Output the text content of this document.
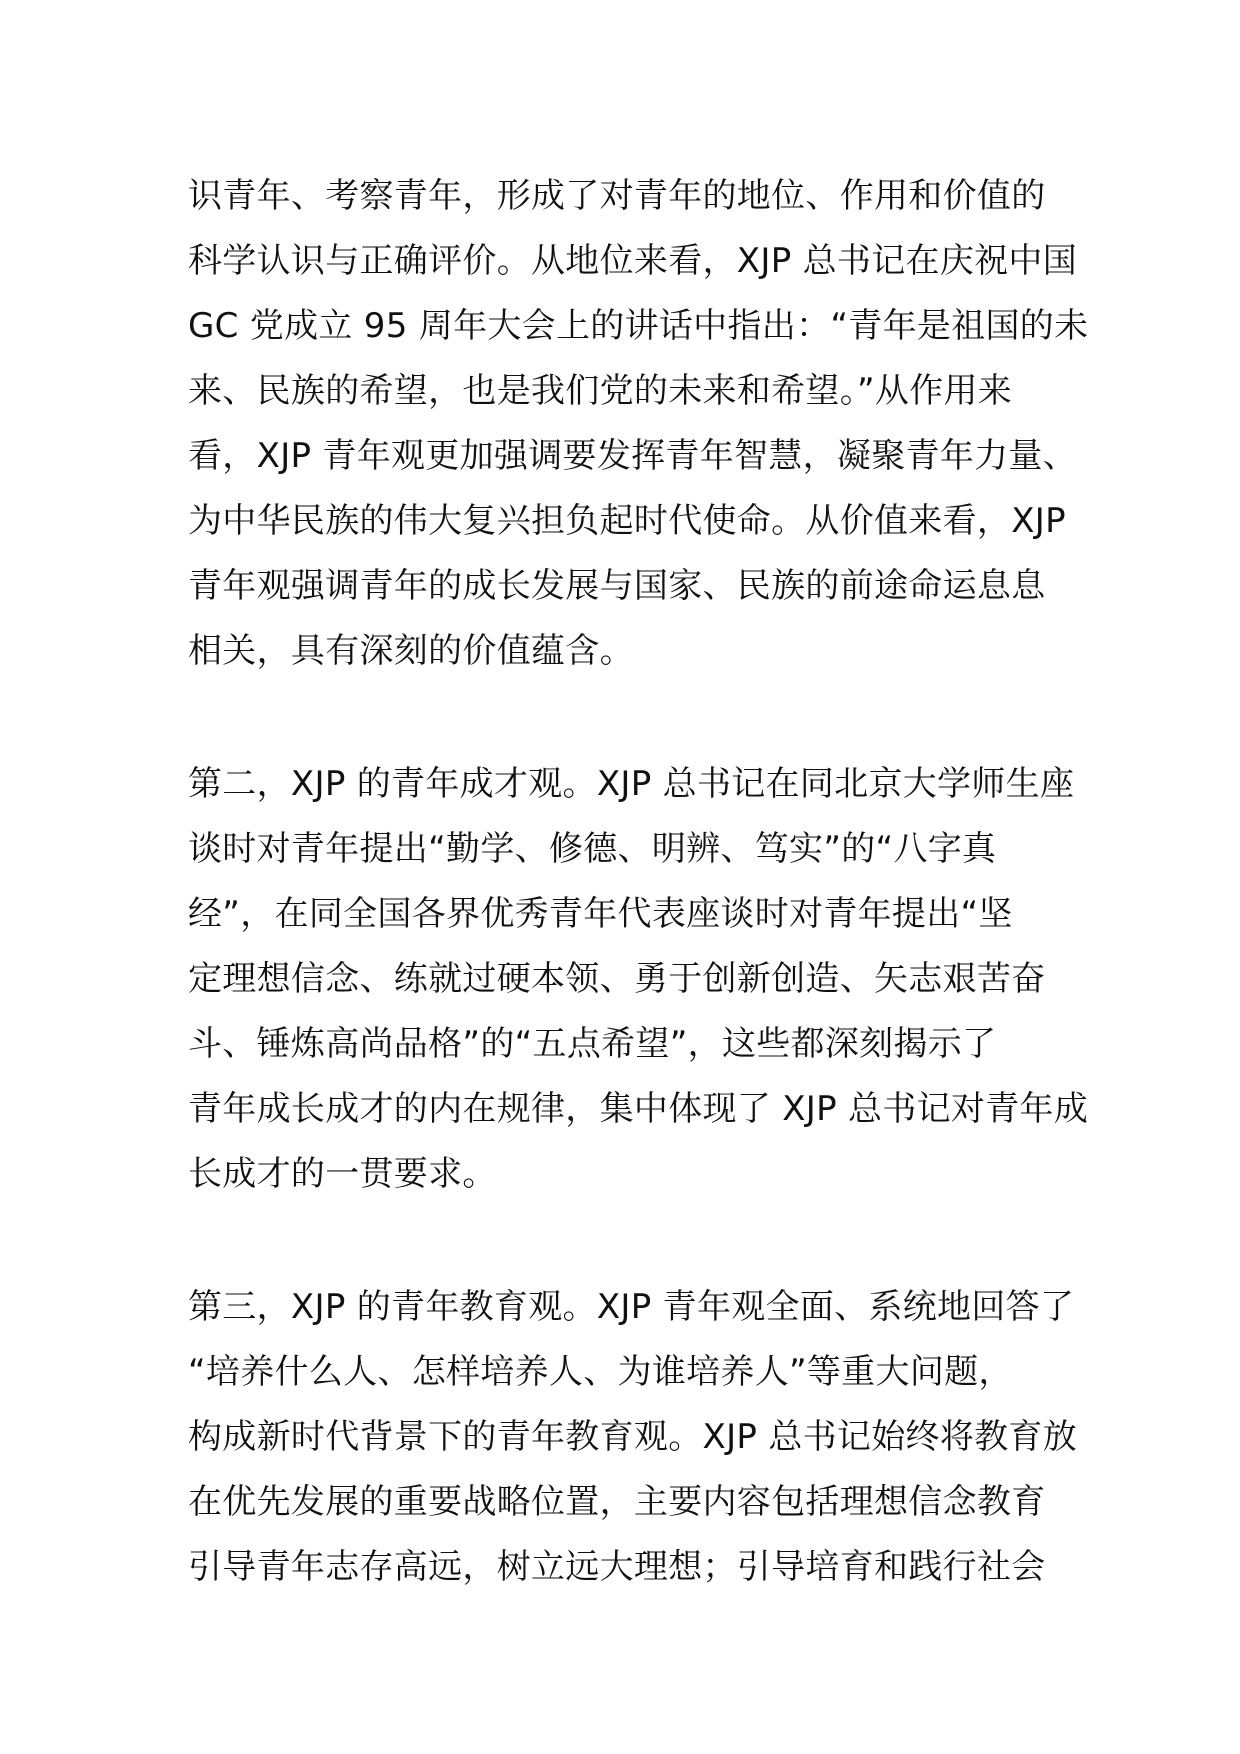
识青年、考察青年，形成了对青年的地位、作用和价值的
科学认识与正确评价。从地位来看，XJP 总书记在庆祝中国
GC 党成立 95 周年大会上的讲话中指出：“青年是祖国的未
来、民族的希望，也是我们党的未来和希望。”从作用来
看，XJP 青年观更加强调要发挥青年智慧，凝聚青年力量、
为中华民族的伟大复兴担负起时代使命。从价值来看，XJP
青年观强调青年的成长发展与国家、民族的前途命运息息
相关，具有深刻的价值蕴含。

第二，XJP 的青年成才观。XJP 总书记在同北京大学师生座
谈时对青年提出“勤学、修德、明辨、笃实”的“八字真
经”，在同全国各界优秀青年代表座谈时对青年提出“坚
定理想信念、练就过硬本领、勇于创新创造、矢志艰苦奋
斗、锤炼高尚品格”的“五点希望”，这些都深刻揭示了
青年成长成才的内在规律，集中体现了 XJP 总书记对青年成
长成才的一贯要求。

第三，XJP 的青年教育观。XJP 青年观全面、系统地回答了
“培养什么人、怎样培养人、为谁培养人”等重大问题，
构成新时代背景下的青年教育观。XJP 总书记始终将教育放
在优先发展的重要战略位置，主要内容包括理想信念教育
引导青年志存高远，树立远大理想；引导培育和践行社会
